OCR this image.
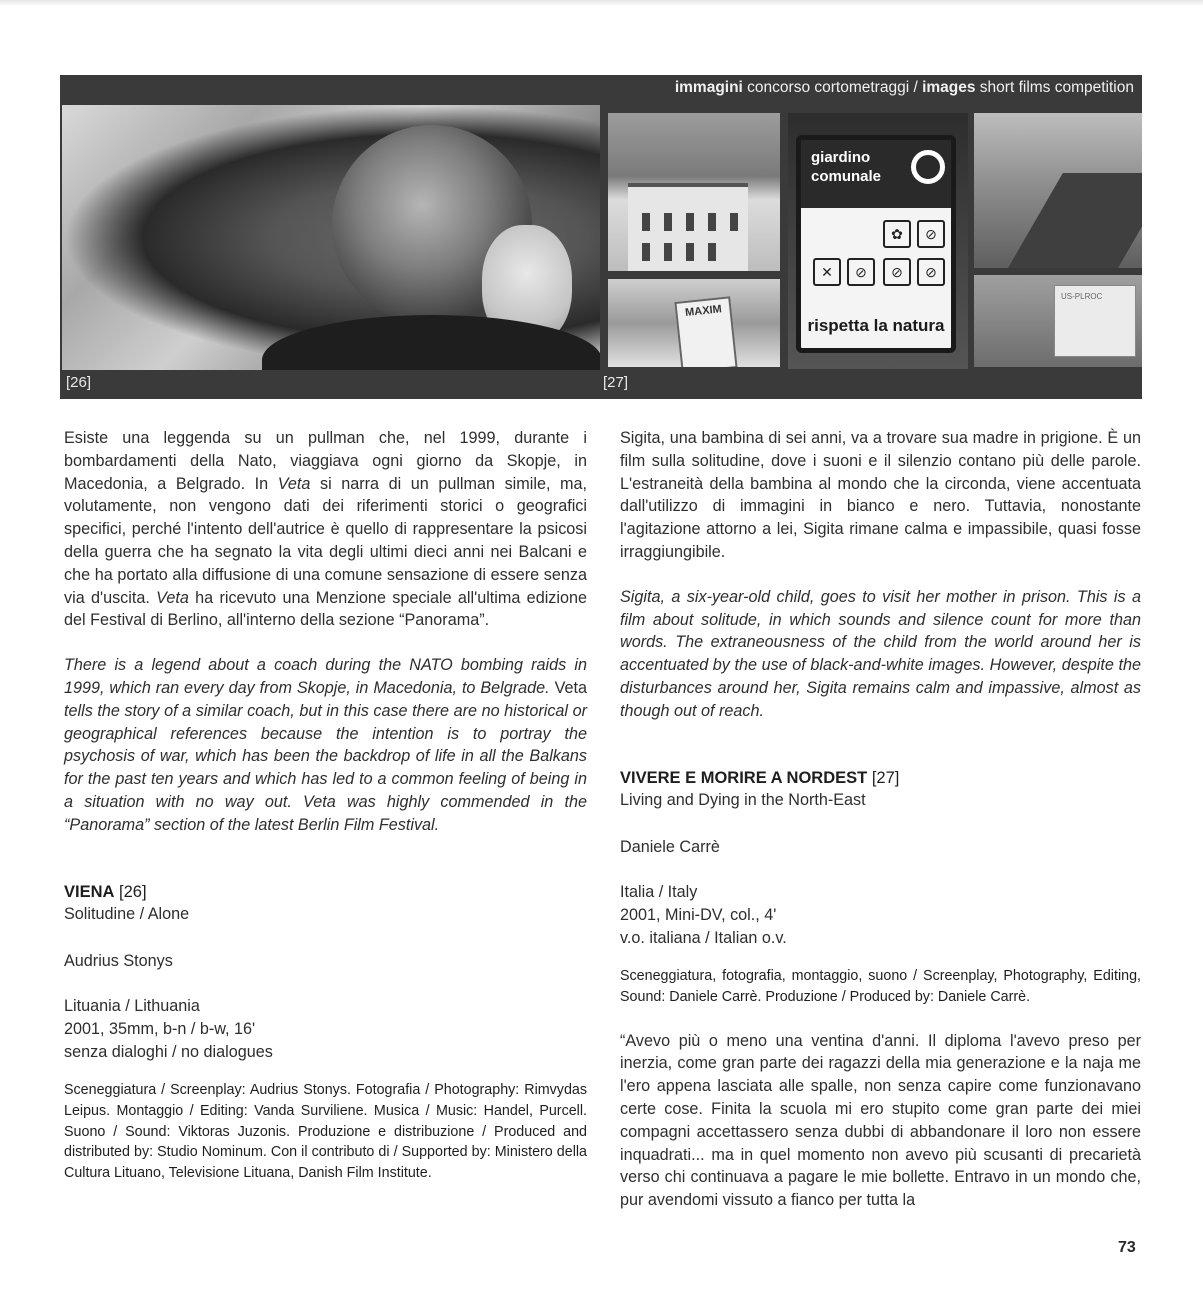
immagini concorso cortometraggi / images short films competition
MAXIM
giardino comunale
✿	⊘
✕	⊘	⊘	⊘
rispetta la natura
US-PLROC
[26]	[27]

Esiste una leggenda su un pullman che, nel 1999, durante i bombardamenti della Nato, viaggiava ogni giorno da Skopje, in Macedonia, a Belgrado. In Veta si narra di un pullman simile, ma, volutamente, non vengono dati dei riferimenti storici o geografici specifici, perché l'intento dell'autrice è quello di rappresentare la psicosi della guerra che ha segnato la vita degli ultimi dieci anni nei Balcani e che ha portato alla diffusione di una comune sensazione di essere senza via d'uscita. Veta ha ricevuto una Menzione speciale all'ultima edizione del Festival di Berlino, all'interno della sezione “Panorama”.

There is a legend about a coach during the NATO bombing raids in 1999, which ran every day from Skopje, in Macedonia, to Belgrade. Veta tells the story of a similar coach, but in this case there are no historical or geographical references because the intention is to portray the psychosis of war, which has been the backdrop of life in all the Balkans for the past ten years and which has led to a common feeling of being in a situation with no way out. Veta was highly commended in the “Panorama” section of the latest Berlin Film Festival.

VIENA [26]

Solitudine / Alone

Audrius Stonys

Lituania / Lithuania

2001, 35mm, b-n / b-w, 16'

senza dialoghi / no dialogues

Sceneggiatura / Screenplay: Audrius Stonys. Fotografia / Photography: Rimvydas Leipus. Montaggio / Editing: Vanda Surviliene. Musica / Music: Handel, Purcell. Suono / Sound: Viktoras Juzonis. Produzione e distribuzione / Produced and distributed by: Studio Nominum. Con il contributo di / Supported by: Ministero della Cultura Lituano, Televisione Lituana, Danish Film Institute.

Sigita, una bambina di sei anni, va a trovare sua madre in prigione. È un film sulla solitudine, dove i suoni e il silenzio contano più delle parole. L'estraneità della bambina al mondo che la circonda, viene accentuata dall'utilizzo di immagini in bianco e nero. Tuttavia, nonostante l'agitazione attorno a lei, Sigita rimane calma e impassibile, quasi fosse irraggiungibile.

Sigita, a six-year-old child, goes to visit her mother in prison. This is a film about solitude, in which sounds and silence count for more than words. The extraneousness of the child from the world around her is accentuated by the use of black-and-white images. However, despite the disturbances around her, Sigita remains calm and impassive, almost as though out of reach.

VIVERE E MORIRE A NORDEST [27]

Living and Dying in the North-East

Daniele Carrè

Italia / Italy

2001, Mini-DV, col., 4'

v.o. italiana / Italian o.v.

Sceneggiatura, fotografia, montaggio, suono / Screenplay, Photography, Editing, Sound: Daniele Carrè. Produzione / Produced by: Daniele Carrè.

“Avevo più o meno una ventina d'anni. Il diploma l'avevo preso per inerzia, come gran parte dei ragazzi della mia generazione e la naja me l'ero appena lasciata alle spalle, non senza capire come funzionavano certe cose. Finita la scuola mi ero stupito come gran parte dei miei compagni accettassero senza dubbi di abbandonare il loro non essere inquadrati... ma in quel momento non avevo più scusanti di precarietà verso chi continuava a pagare le mie bollette. Entravo in un mondo che, pur avendomi vissuto a fianco per tutta la

73
